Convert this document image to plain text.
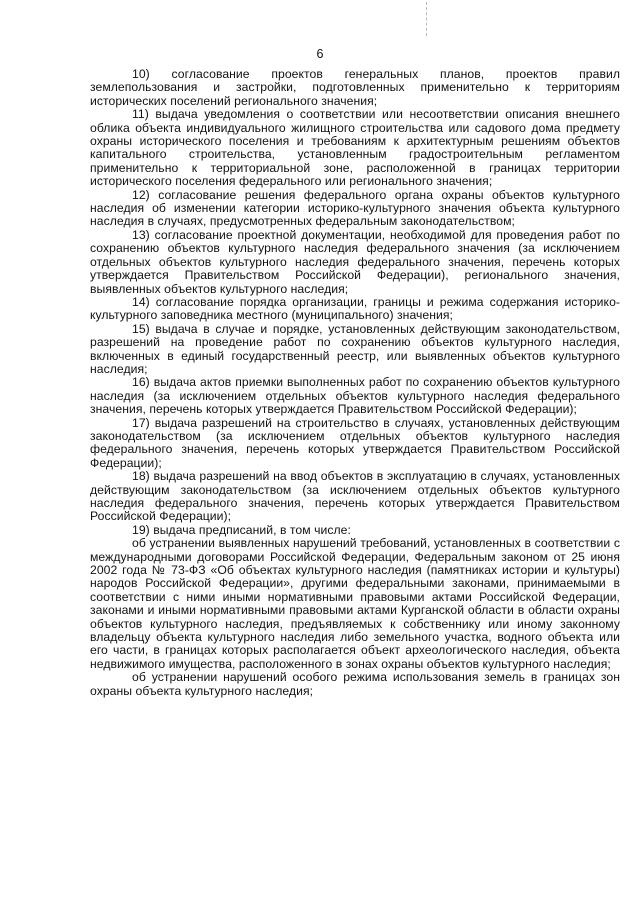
6

10) согласование проектов генеральных планов, проектов правил землепользования и застройки, подготовленных применительно к территориям исторических поселений регионального значения;

11) выдача уведомления о соответствии или несоответствии описания внешнего облика объекта индивидуального жилищного строительства или садового дома предмету охраны исторического поселения и требованиям к архитектурным решениям объектов капитального строительства, установленным градостроительным регламентом применительно к территориальной зоне, расположенной в границах территории исторического поселения федерального или регионального значения;

12) согласование решения федерального органа охраны объектов культурного наследия об изменении категории историко-культурного значения объекта культурного наследия в случаях, предусмотренных федеральным законодательством;

13) согласование проектной документации, необходимой для проведения работ по сохранению объектов культурного наследия федерального значения (за исключением отдельных объектов культурного наследия федерального значения, перечень которых утверждается Правительством Российской Федерации), регионального значения, выявленных объектов культурного наследия;

14) согласование порядка организации, границы и режима содержания историко-культурного заповедника местного (муниципального) значения;

15) выдача в случае и порядке, установленных действующим законодательством, разрешений на проведение работ по сохранению объектов культурного наследия, включенных в единый государственный реестр, или выявленных объектов культурного наследия;

16) выдача актов приемки выполненных работ по сохранению объектов культурного наследия (за исключением отдельных объектов культурного наследия федерального значения, перечень которых утверждается Правительством Российской Федерации);

17) выдача разрешений на строительство в случаях, установленных действующим законодательством (за исключением отдельных объектов культурного наследия федерального значения, перечень которых утверждается Правительством Российской Федерации);

18) выдача разрешений на ввод объектов в эксплуатацию в случаях, установленных действующим законодательством (за исключением отдельных объектов культурного наследия федерального значения, перечень которых утверждается Правительством Российской Федерации);

19) выдача предписаний, в том числе:

об устранении выявленных нарушений требований, установленных в соответствии с международными договорами Российской Федерации, Федеральным законом от 25 июня 2002 года № 73-ФЗ «Об объектах культурного наследия (памятниках истории и культуры) народов Российской Федерации», другими федеральными законами, принимаемыми в соответствии с ними иными нормативными правовыми актами Российской Федерации, законами и иными нормативными правовыми актами Курганской области в области охраны объектов культурного наследия, предъявляемых к собственнику или иному законному владельцу объекта культурного наследия либо земельного участка, водного объекта или его части, в границах которых располагается объект археологического наследия, объекта недвижимого имущества, расположенного в зонах охраны объектов культурного наследия;

об устранении нарушений особого режима использования земель в границах зон охраны объекта культурного наследия;
